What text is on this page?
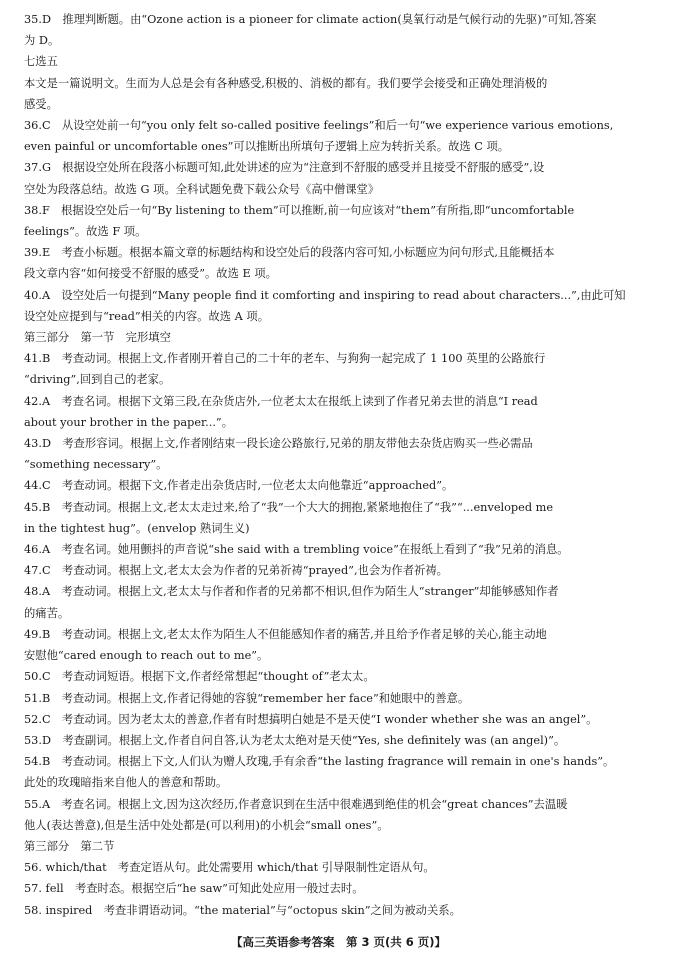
35.D　推理判断题。由“Ozone action is a pioneer for climate action(臭氧行动是气候行动的先驱)”可知,答案
为 D。
七选五
本文是一篇说明文。生而为人总是会有各种感受,积极的、消极的都有。我们要学会接受和正确处理消极的
感受。
36.C　从设空处前一句“you only felt so-called positive feelings”和后一句“we experience various emotions,
even painful or uncomfortable ones”可以推断出所填句子逻辑上应为转折关系。故选 C 项。
37.G　根据设空处所在段落小标题可知,此处讲述的应为“注意到不舒服的感受并且接受不舒服的感受”,设
空处为段落总结。故选 G 项。全科试题免费下载公众号《高中僧课堂》
38.F　根据设空处后一句“By listening to them”可以推断,前一句应该对“them”有所指,即“uncomfortable
feelings”。故选 F 项。
39.E　考查小标题。根据本篇文章的标题结构和设空处后的段落内容可知,小标题应为问句形式,且能概括本
段文章内容“如何接受不舒服的感受”。故选 E 项。
40.A　设空处后一句提到“Many people find it comforting and inspiring to read about characters...”,由此可知
设空处应提到与“read”相关的内容。故选 A 项。
第三部分　第一节　完形填空
41.B　考查动词。根据上文,作者刚开着自己的二十年的老车、与狗狗一起完成了 1 100 英里的公路旅行
“driving”,回到自己的老家。
42.A　考查名词。根据下文第三段,在杂货店外,一位老太太在报纸上读到了作者兄弟去世的消息“I read
about your brother in the paper...”。
43.D　考查形容词。根据上文,作者刚结束一段长途公路旅行,兄弟的朋友带他去杂货店购买一些必需品
“something necessary”。
44.C　考查动词。根据下文,作者走出杂货店时,一位老太太向他靠近“approached”。
45.B　考查动词。根据上文,老太太走过来,给了“我”一个大大的拥抱,紧紧地抱住了“我”“...enveloped me
in the tightest hug”。(envelop 熟词生义)
46.A　考查名词。她用颤抖的声音说“she said with a trembling voice”在报纸上看到了“我”兄弟的消息。
47.C　考查动词。根据上文,老太太会为作者的兄弟祈祷“prayed”,也会为作者祈祷。
48.A　考查动词。根据上文,老太太与作者和作者的兄弟都不相识,但作为陌生人“stranger”却能够感知作者
的痛苦。
49.B　考查动词。根据上文,老太太作为陌生人不但能感知作者的痛苦,并且给予作者足够的关心,能主动地
安慰他“cared enough to reach out to me”。
50.C　考查动词短语。根据下文,作者经常想起“thought of”老太太。
51.B　考查动词。根据上文,作者记得她的容貌“remember her face”和她眼中的善意。
52.C　考查动词。因为老太太的善意,作者有时想搞明白她是不是天使“I wonder whether she was an angel”。
53.D　考查副词。根据上文,作者自问自答,认为老太太绝对是天使“Yes, she definitely was (an angel)”。
54.B　考查动词。根据上下文,人们认为赠人玫瑰,手有余香“the lasting fragrance will remain in one's hands”。
此处的玫瑰暗指来自他人的善意和帮助。
55.A　考查名词。根据上文,因为这次经历,作者意识到在生活中很难遇到绝佳的机会“great chances”去温暖
他人(表达善意),但是生活中处处都是(可以利用)的小机会“small ones”。
第三部分　第二节
56. which/that　考查定语从句。此处需要用 which/that 引导限制性定语从句。
57. fell　考查时态。根据空后“he saw”可知此处应用一般过去时。
58. inspired　考查非谓语动词。“the material”与“octopus skin”之间为被动关系。
【高三英语参考答案　第 3 页(共 6 页)】
